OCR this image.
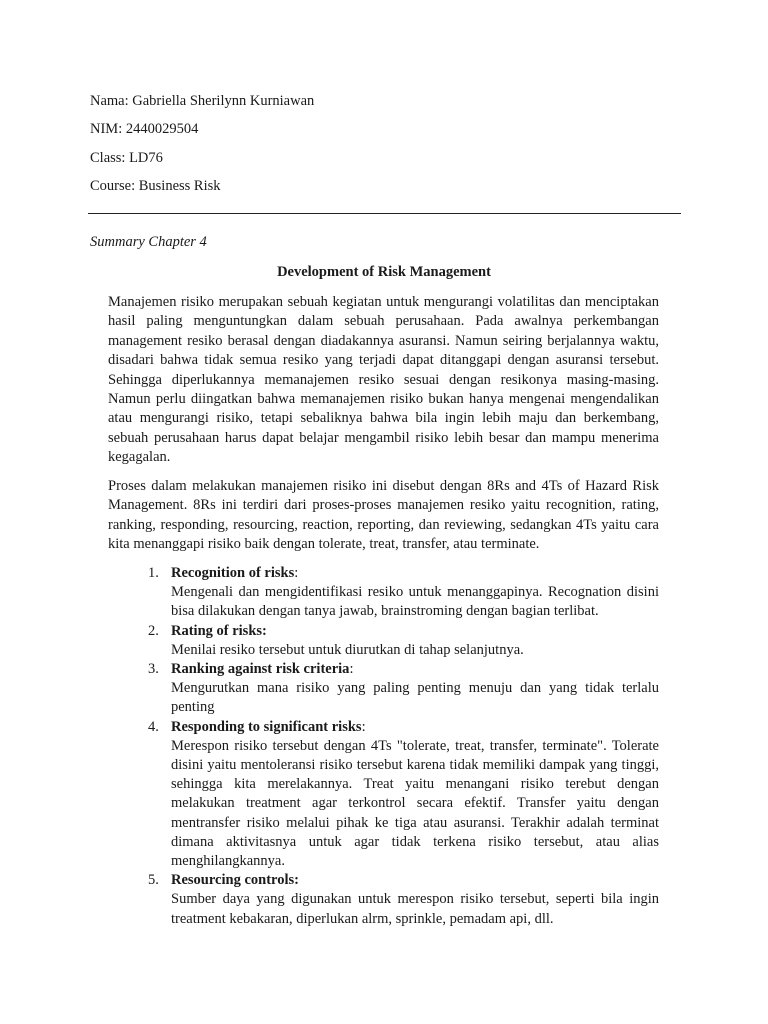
Nama: Gabriella Sherilynn Kurniawan
NIM: 2440029504
Class: LD76
Course: Business Risk
Summary Chapter 4
Development of Risk Management

Manajemen risiko merupakan sebuah kegiatan untuk mengurangi volatilitas dan menciptakan hasil paling menguntungkan dalam sebuah perusahaan. Pada awalnya perkembangan management resiko berasal dengan diadakannya asuransi. Namun seiring berjalannya waktu, disadari bahwa tidak semua resiko yang terjadi dapat ditanggapi dengan asuransi tersebut. Sehingga diperlukannya memanajemen resiko sesuai dengan resikonya masing-masing. Namun perlu diingatkan bahwa memanajemen risiko bukan hanya mengenai mengendalikan atau mengurangi risiko, tetapi sebaliknya bahwa bila ingin lebih maju dan berkembang, sebuah perusahaan harus dapat belajar mengambil risiko lebih besar dan mampu menerima kegagalan.

Proses dalam melakukan manajemen risiko ini disebut dengan 8Rs and 4Ts of Hazard Risk Management. 8Rs ini terdiri dari proses-proses manajemen resiko yaitu recognition, rating, ranking, responding, resourcing, reaction, reporting, dan reviewing, sedangkan 4Ts yaitu cara kita menanggapi risiko baik dengan tolerate, treat, transfer, atau terminate.

1. Recognition of risks:
Mengenali dan mengidentifikasi resiko untuk menanggapinya. Recognation disini bisa dilakukan dengan tanya jawab, brainstroming dengan bagian terlibat.
2. Rating of risks:
Menilai resiko tersebut untuk diurutkan di tahap selanjutnya.
3. Ranking against risk criteria:
Mengurutkan mana risiko yang paling penting menuju dan yang tidak terlalu penting
4. Responding to significant risks:
Merespon risiko tersebut dengan 4Ts "tolerate, treat, transfer, terminate". Tolerate disini yaitu mentoleransi risiko tersebut karena tidak memiliki dampak yang tinggi, sehingga kita merelakannya. Treat yaitu menangani risiko terebut dengan melakukan treatment agar terkontrol secara efektif. Transfer yaitu dengan mentransfer risiko melalui pihak ke tiga atau asuransi. Terakhir adalah terminat dimana aktivitasnya untuk agar tidak terkena risiko tersebut, atau alias menghilangkannya.
5. Resourcing controls:
Sumber daya yang digunakan untuk merespon risiko tersebut, seperti bila ingin treatment kebakaran, diperlukan alrm, sprinkle, pemadam api, dll.
